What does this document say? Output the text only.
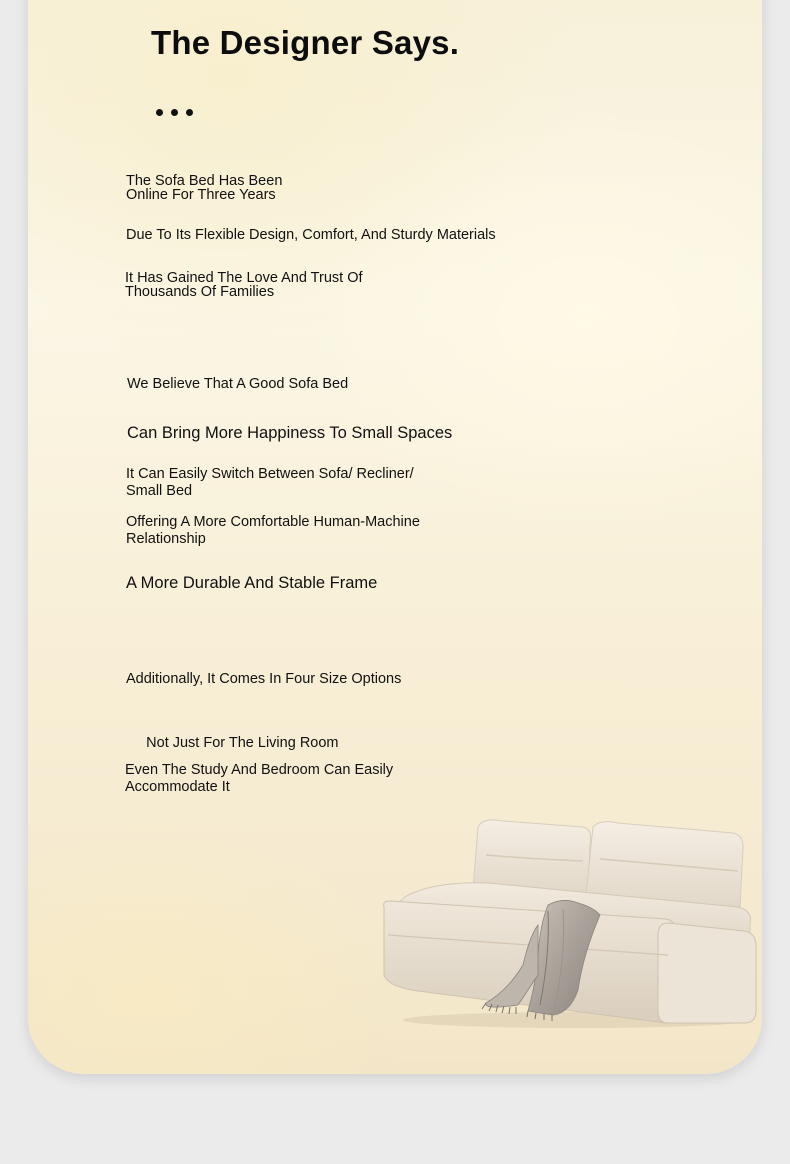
The Designer Says.

The Sofa Bed Has Been
Online For Three Years

Due To Its Flexible Design, Comfort, And Sturdy Materials

It Has Gained The Love And Trust Of
Thousands Of Families

We Believe That A Good Sofa Bed

Can Bring More Happiness To Small Spaces

It Can Easily Switch Between Sofa/ Recliner/
Small Bed

Offering A More Comfortable Human-Machine
Relationship

A More Durable And Stable Frame

Additionally, It Comes In Four Size Options

Not Just For The Living Room

Even The Study And Bedroom Can Easily
Accommodate It
